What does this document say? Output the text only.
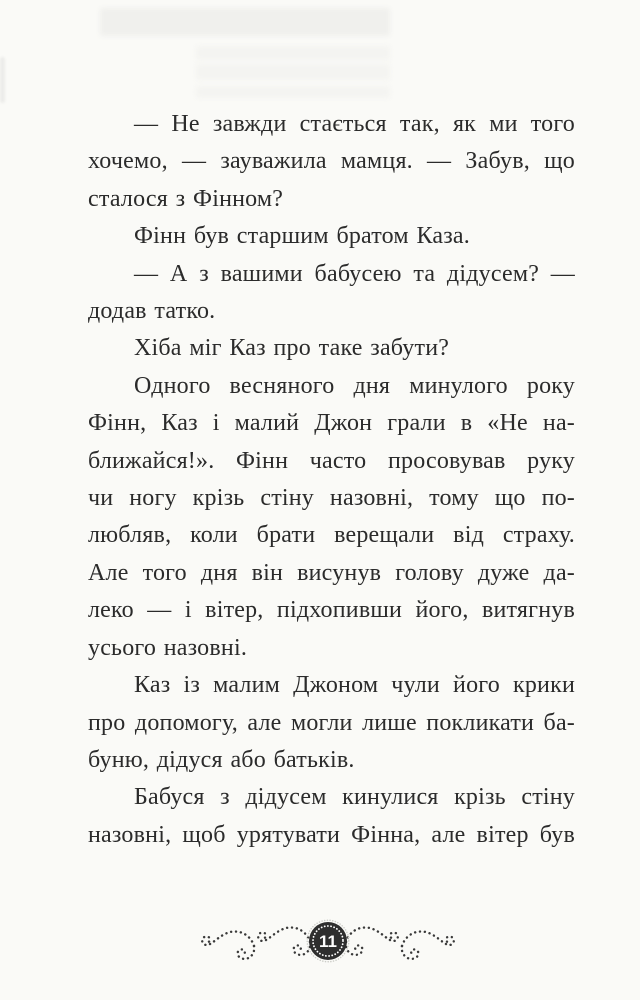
— Не завжди стається так, як ми того
хочемо, — зауважила мамця. — Забув, що
сталося з Фінном?
Фінн був старшим братом Каза.
— А з вашими бабусею та дідусем? —
додав татко.
Хіба міг Каз про таке забути?
Одного весняного дня минулого року
Фінн, Каз і малий Джон грали в «Не на-
ближайся!». Фінн часто просовував руку
чи ногу крізь стіну назовні, тому що по-
любляв, коли брати верещали від страху.
Але того дня він висунув голову дуже да-
леко — і вітер, підхопивши його, витягнув
усього назовні.
Каз із малим Джоном чули його крики
про допомогу, але могли лише покликати ба-
буню, дідуся або батьків.
Бабуся з дідусем кинулися крізь стіну
назовні, щоб урятувати Фінна, але вітер був
11
